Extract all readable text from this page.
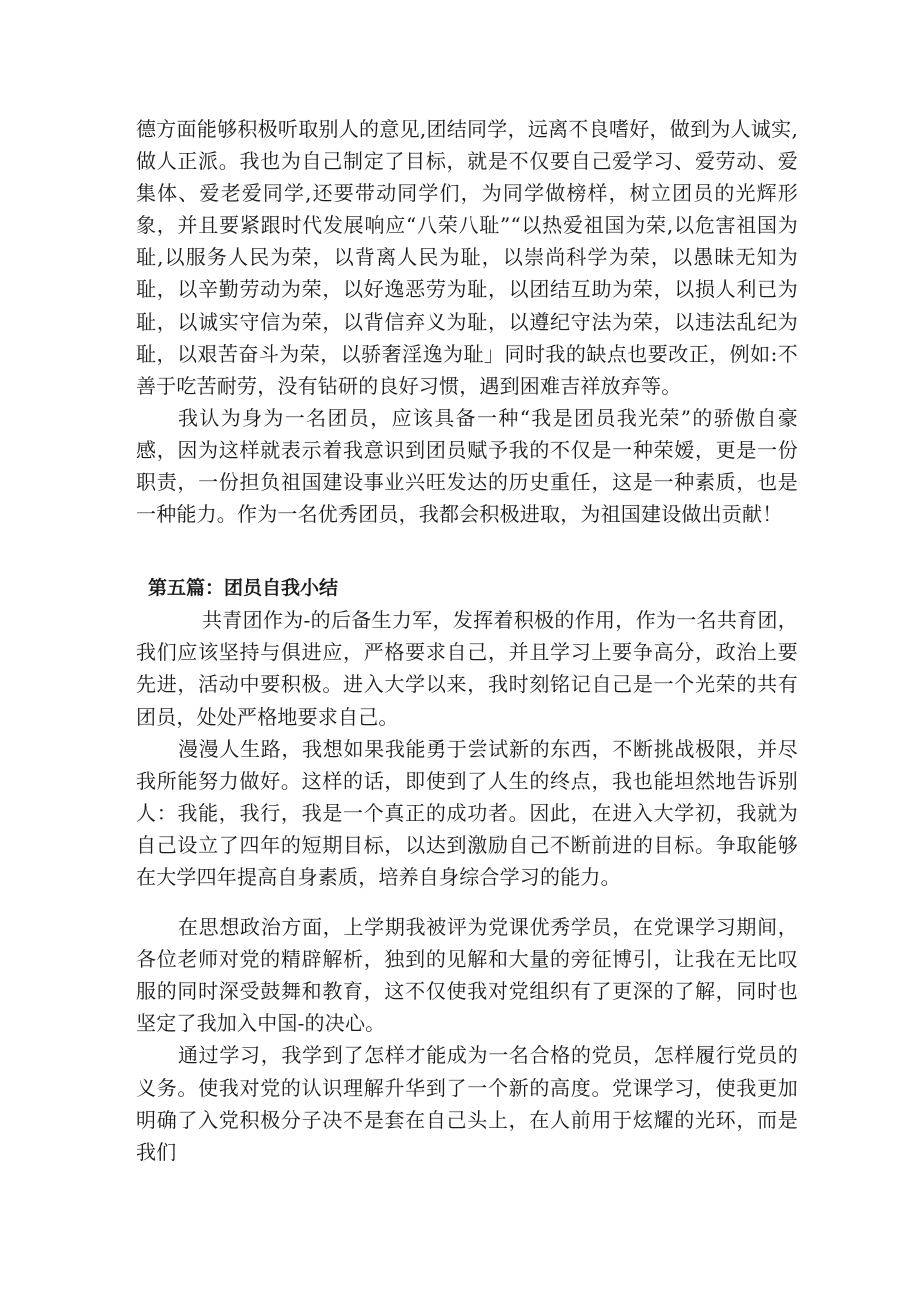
德方面能够积极听取别人的意见,团结同学，远离不良嗜好，做到为人诚实,做人正派。我也为自己制定了目标，就是不仅要自己爱学习、爱劳动、爱集体、爱老爱同学,还要带动同学们，为同学做榜样，树立团员的光辉形象，并且要紧跟时代发展响应“八荣八耻”“以热爱祖国为荣,以危害祖国为耻,以服务人民为荣，以背离人民为耻，以崇尚科学为荣，以愚昧无知为耻，以辛勤劳动为荣，以好逸恶劳为耻，以团结互助为荣，以损人利已为耻，以诚实守信为荣，以背信弃义为耻，以遵纪守法为荣，以违法乱纪为耻，以艰苦奋斗为荣，以骄奢淫逸为耻」同时我的缺点也要改正，例如:不善于吃苦耐劳，没有钻研的良好习惯，遇到困难吉祥放弃等。

我认为身为一名团员，应该具备一种“我是团员我光荣”的骄傲自豪感，因为这样就表示着我意识到团员赋予我的不仅是一种荣嫒，更是一份职责，一份担负祖国建设事业兴旺发达的历史重任，这是一种素质，也是一种能力。作为一名优秀团员，我都会积极进取，为祖国建设做出贡献！

第五篇：团员自我小结

共青团作为-的后备生力军，发挥着积极的作用，作为一名共育团，我们应该坚持与俱进应，严格要求自己，并且学习上要争高分，政治上要先进，活动中要积极。进入大学以来，我时刻铭记自己是一个光荣的共有团员，处处严格地要求自己。

漫漫人生路，我想如果我能勇于尝试新的东西，不断挑战极限，并尽我所能努力做好。这样的话，即使到了人生的终点，我也能坦然地告诉别人：我能，我行，我是一个真正的成功者。因此，在进入大学初，我就为自己设立了四年的短期目标，以达到激励自己不断前进的目标。争取能够在大学四年提高自身素质，培养自身综合学习的能力。

在思想政治方面，上学期我被评为党课优秀学员，在党课学习期间，各位老师对党的精辟解析，独到的见解和大量的旁征博引，让我在无比叹服的同时深受鼓舞和教育，这不仅使我对党组织有了更深的了解，同时也坚定了我加入中国-的决心。

通过学习，我学到了怎样才能成为一名合格的党员，怎样履行党员的义务。使我对党的认识理解升华到了一个新的高度。党课学习，使我更加明确了入党积极分子决不是套在自己头上，在人前用于炫耀的光环，而是我们
